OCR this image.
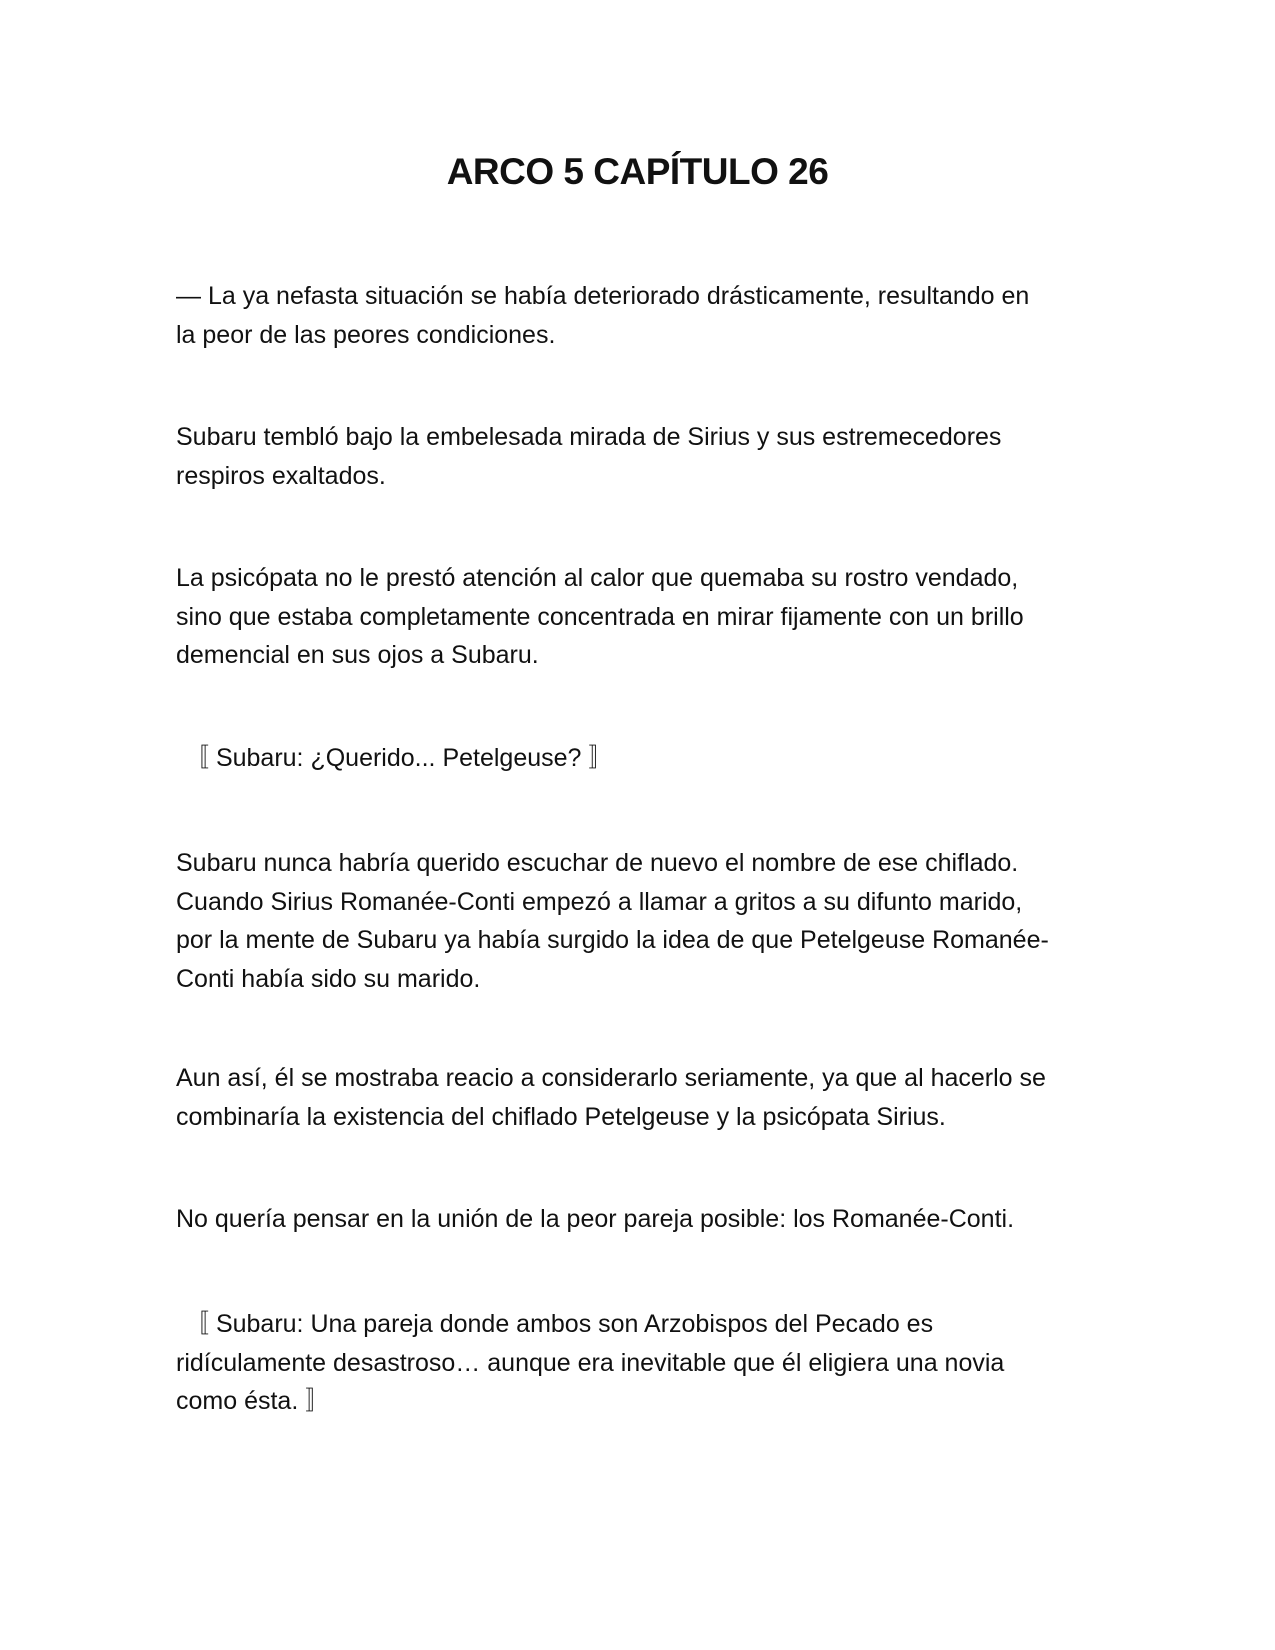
ARCO 5 CAPÍTULO 26

— La ya nefasta situación se había deteriorado drásticamente, resultando en
la peor de las peores condiciones.

Subaru tembló bajo la embelesada mirada de Sirius y sus estremecedores
respiros exaltados.

La psicópata no le prestó atención al calor que quemaba su rostro vendado,
sino que estaba completamente concentrada en mirar fijamente con un brillo
demencial en sus ojos a Subaru.

〚 Subaru: ¿Querido... Petelgeuse? 〛

Subaru nunca habría querido escuchar de nuevo el nombre de ese chiflado.
Cuando Sirius Romanée-Conti empezó a llamar a gritos a su difunto marido,
por la mente de Subaru ya había surgido la idea de que Petelgeuse Romanée-
Conti había sido su marido.

Aun así, él se mostraba reacio a considerarlo seriamente, ya que al hacerlo se
combinaría la existencia del chiflado Petelgeuse y la psicópata Sirius.

No quería pensar en la unión de la peor pareja posible: los Romanée-Conti.

〚 Subaru: Una pareja donde ambos son Arzobispos del Pecado es
ridículamente desastroso… aunque era inevitable que él eligiera una novia
como ésta. 〛
